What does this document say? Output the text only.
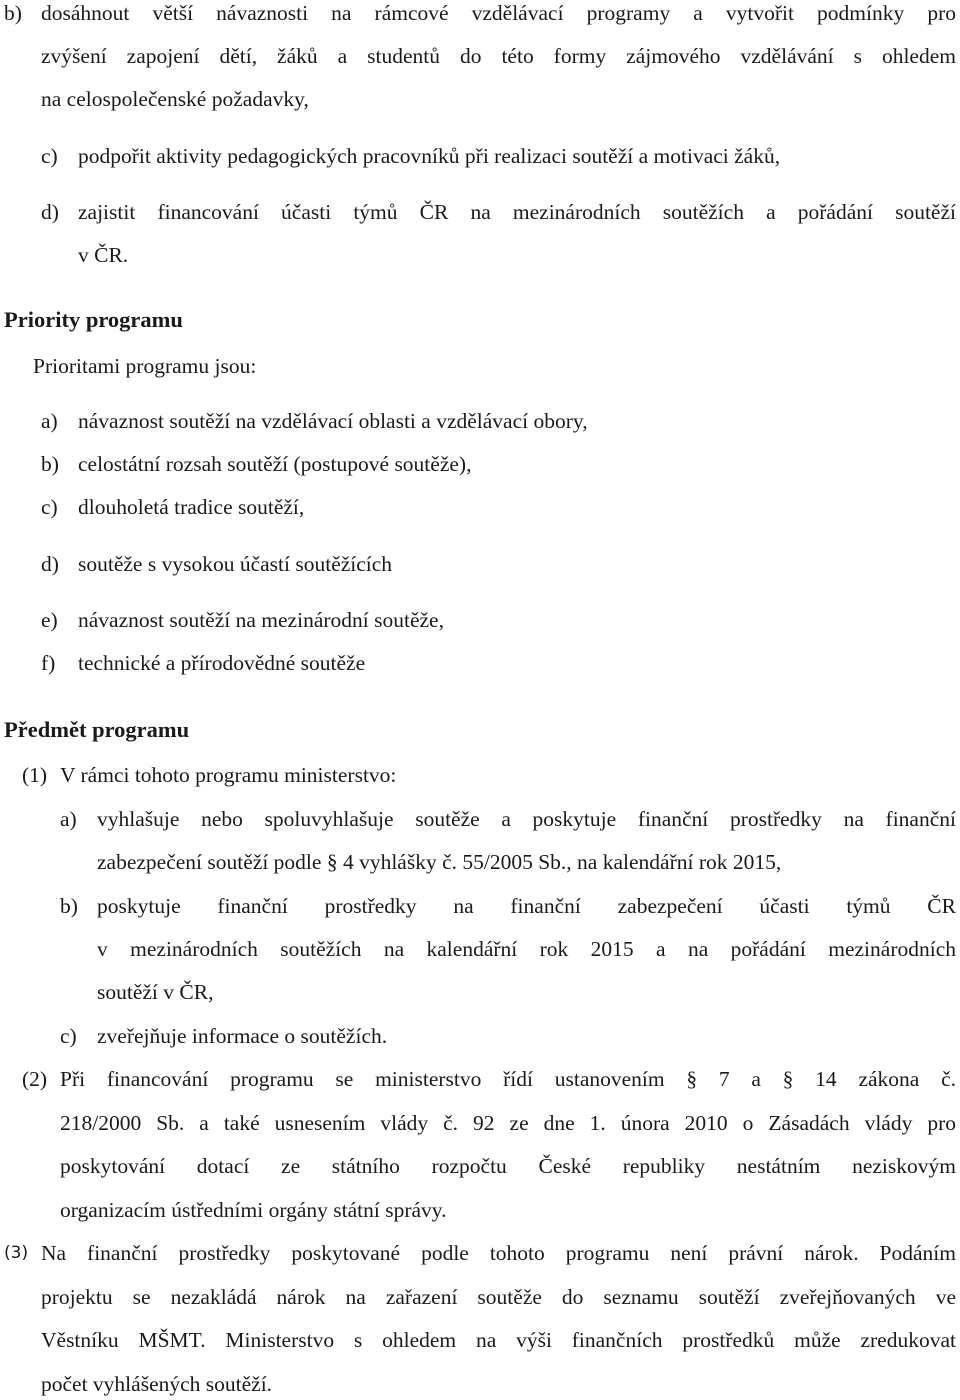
b) dosáhnout větší návaznosti na rámcové vzdělávací programy a vytvořit podmínky pro
zvýšení zapojení dětí, žáků a studentů do této formy zájmového vzdělávání s ohledem
na celospolečenské požadavky,
c) podpořit aktivity pedagogických pracovníků při realizaci soutěží a motivaci žáků,
d) zajistit financování účasti týmů ČR na mezinárodních soutěžích a pořádání soutěží
v ČR.
Priority programu
Prioritami programu jsou:
a) návaznost soutěží na vzdělávací oblasti a vzdělávací obory,
b) celostátní rozsah soutěží (postupové soutěže),
c) dlouholetá tradice soutěží,
d) soutěže s vysokou účastí soutěžících
e) návaznost soutěží na mezinárodní soutěže,
f) technické a přírodovědné soutěže
Předmět programu
(1) V rámci tohoto programu ministerstvo:
a) vyhlašuje nebo spoluvyhlašuje soutěže a poskytuje finanční prostředky na finanční
zabezpečení soutěží podle § 4 vyhlášky č. 55/2005 Sb., na kalendářní rok 2015,
b) poskytuje finanční prostředky na finanční zabezpečení účasti týmů ČR
v mezinárodních soutěžích na kalendářní rok 2015 a na pořádání mezinárodních
soutěží v ČR,
c) zveřejňuje informace o soutěžích.
(2) Při financování programu se ministerstvo řídí ustanovením § 7 a § 14 zákona č.
218/2000 Sb. a také usnesením vlády č. 92 ze dne 1. února 2010 o Zásadách vlády pro
poskytování dotací ze státního rozpočtu České republiky nestátním neziskovým
organizacím ústředními orgány státní správy.
(3) Na finanční prostředky poskytované podle tohoto programu není právní nárok. Podáním
projektu se nezakládá nárok na zařazení soutěže do seznamu soutěží zveřejňovaných ve
Věstníku MŠMT. Ministerstvo s ohledem na výši finančních prostředků může zredukovat
počet vyhlášených soutěží.
